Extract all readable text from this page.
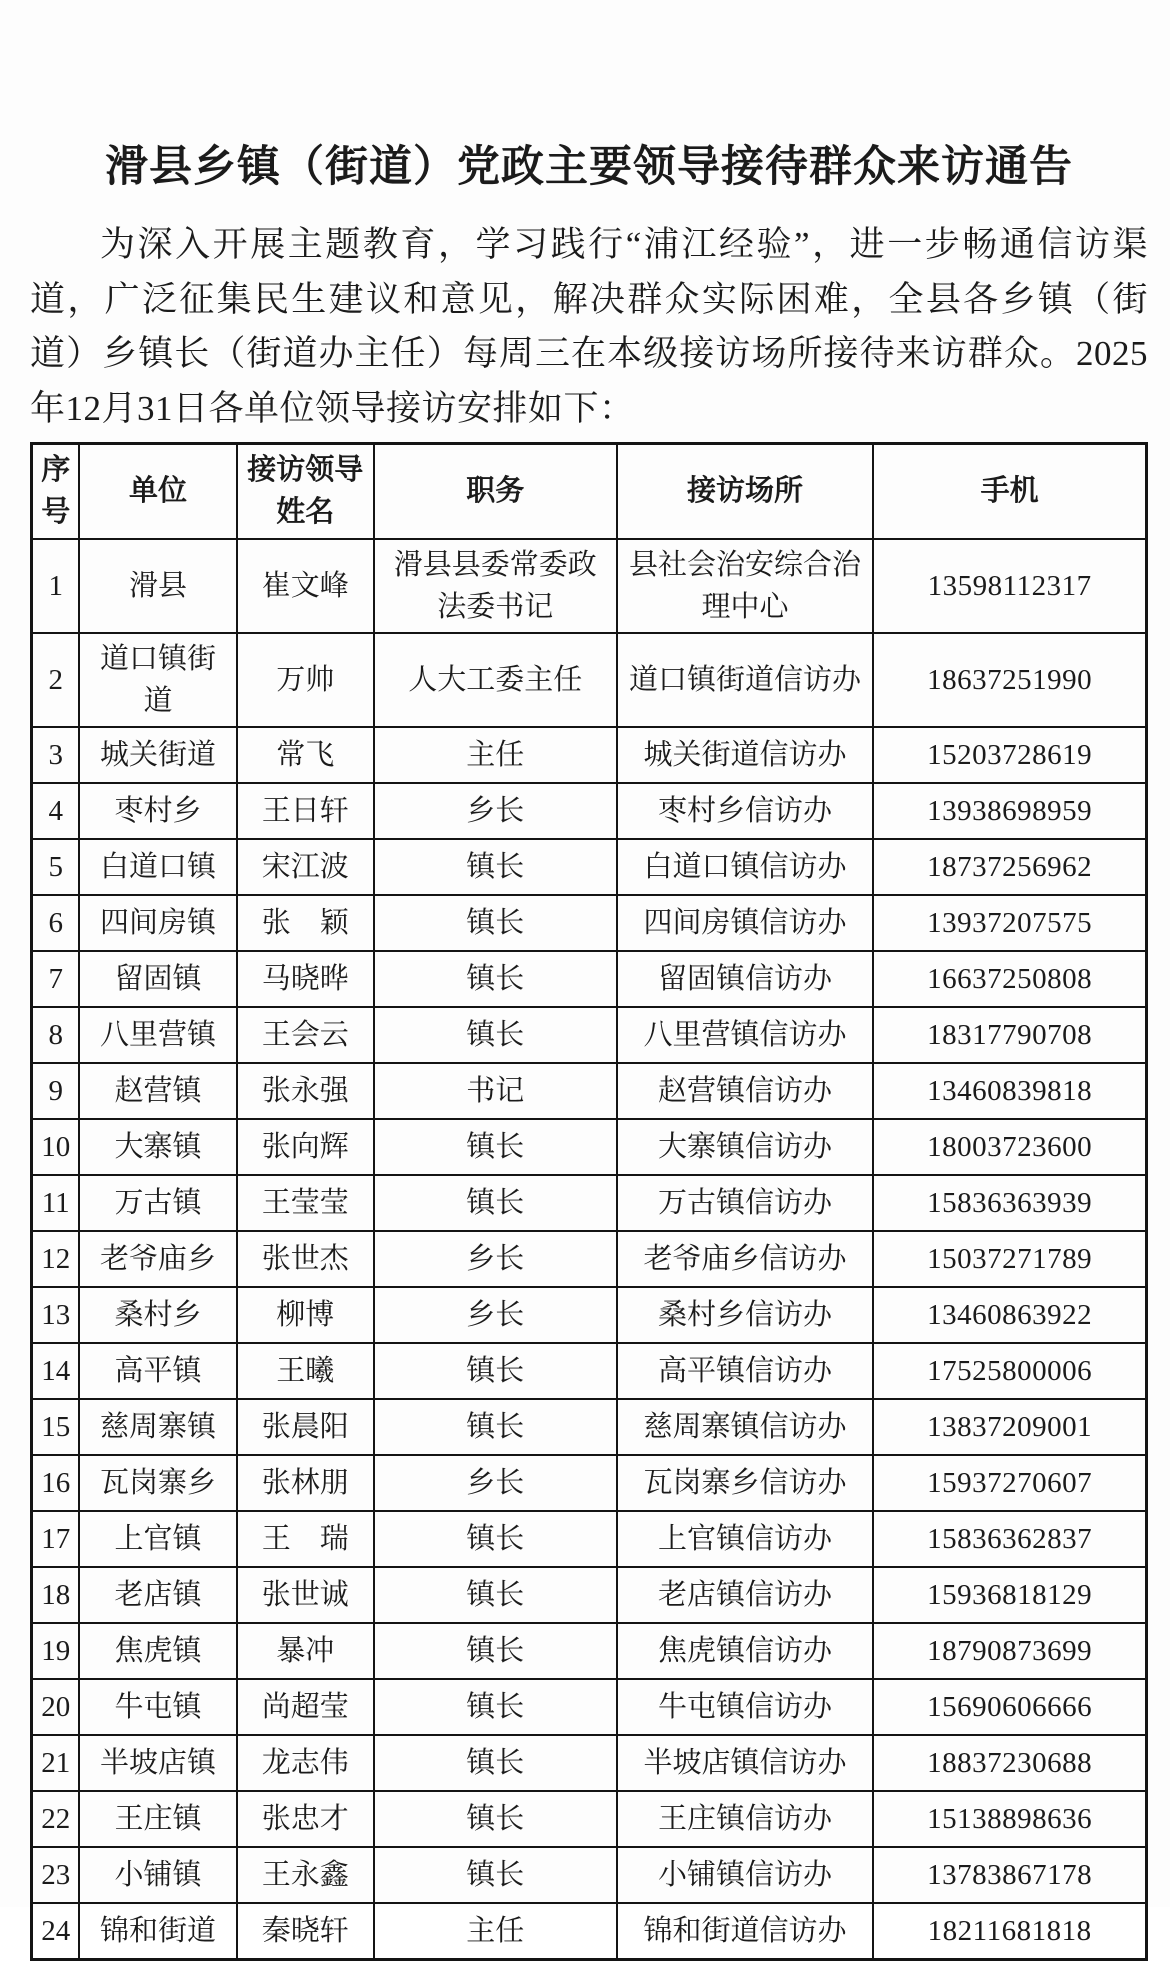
滑县乡镇（街道）党政主要领导接待群众来访通告

为深入开展主题教育，学习践行“浦江经验”，进一步畅通信访渠道，广泛征集民生建议和意见，解决群众实际困难，全县各乡镇（街道）乡镇长（街道办主任）每周三在本级接访场所接待来访群众。2025年12月31日各单位领导接访安排如下：

序号	单位	接访领导姓名	职务	接访场所	手机
1	滑县	崔文峰	滑县县委常委政法委书记	县社会治安综合治理中心	13598112317
2	道口镇街道	万帅	人大工委主任	道口镇街道信访办	18637251990
3	城关街道	常飞	主任	城关街道信访办	15203728619
4	枣村乡	王日轩	乡长	枣村乡信访办	13938698959
5	白道口镇	宋江波	镇长	白道口镇信访办	18737256962
6	四间房镇	张　颖	镇长	四间房镇信访办	13937207575
7	留固镇	马晓晔	镇长	留固镇信访办	16637250808
8	八里营镇	王会云	镇长	八里营镇信访办	18317790708
9	赵营镇	张永强	书记	赵营镇信访办	13460839818
10	大寨镇	张向辉	镇长	大寨镇信访办	18003723600
11	万古镇	王莹莹	镇长	万古镇信访办	15836363939
12	老爷庙乡	张世杰	乡长	老爷庙乡信访办	15037271789
13	桑村乡	柳博	乡长	桑村乡信访办	13460863922
14	高平镇	王曦	镇长	高平镇信访办	17525800006
15	慈周寨镇	张晨阳	镇长	慈周寨镇信访办	13837209001
16	瓦岗寨乡	张林朋	乡长	瓦岗寨乡信访办	15937270607
17	上官镇	王　瑞	镇长	上官镇信访办	15836362837
18	老店镇	张世诚	镇长	老店镇信访办	15936818129
19	焦虎镇	暴冲	镇长	焦虎镇信访办	18790873699
20	牛屯镇	尚超莹	镇长	牛屯镇信访办	15690606666
21	半坡店镇	龙志伟	镇长	半坡店镇信访办	18837230688
22	王庄镇	张忠才	镇长	王庄镇信访办	15138898636
23	小铺镇	王永鑫	镇长	小铺镇信访办	13783867178
24	锦和街道	秦晓轩	主任	锦和街道信访办	18211681818
